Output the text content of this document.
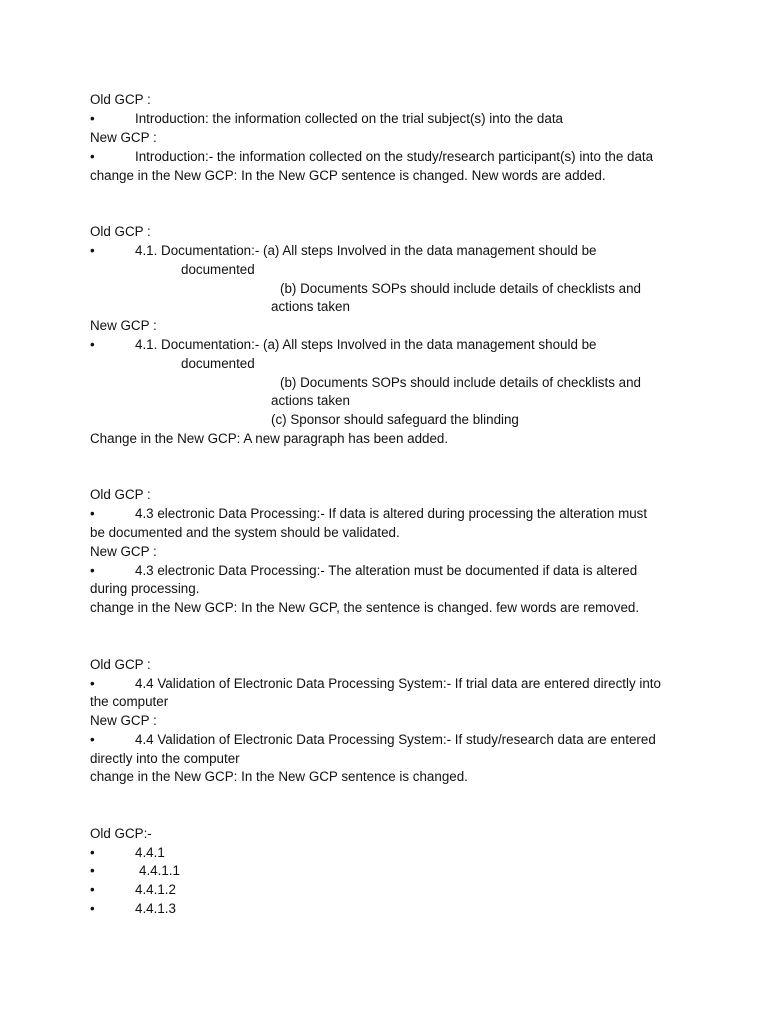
Old GCP :
•	Introduction: the information collected on the trial subject(s) into the data
New GCP :
•	Introduction:- the information collected on the study/research participant(s) into the data
change in the New GCP: In the New GCP sentence is changed. New words are added.
Old GCP :
•	4.1. Documentation:- (a) All steps Involved in the data management should be
documented
(b) Documents SOPs should include details of checklists and
actions taken
New GCP :
•	4.1. Documentation:- (a) All steps Involved in the data management should be
documented
(b) Documents SOPs should include details of checklists and
actions taken
(c) Sponsor should safeguard the blinding
Change in the New GCP: A new paragraph has been added.
Old GCP :
•	4.3 electronic Data Processing:- If data is altered during processing the alteration must
be documented and the system should be validated.
New GCP :
•	4.3 electronic Data Processing:- The alteration must be documented if data is altered
during processing.
change in the New GCP: In the New GCP, the sentence is changed. few words are removed.
Old GCP :
•	4.4 Validation of Electronic Data Processing System:- If trial data are entered directly into
the computer
New GCP :
•	4.4 Validation of Electronic Data Processing System:- If study/research data are entered
directly into the computer
change in the New GCP: In the New GCP sentence is changed.
Old GCP:-
•	4.4.1
•	4.4.1.1
•	4.4.1.2
•	4.4.1.3
